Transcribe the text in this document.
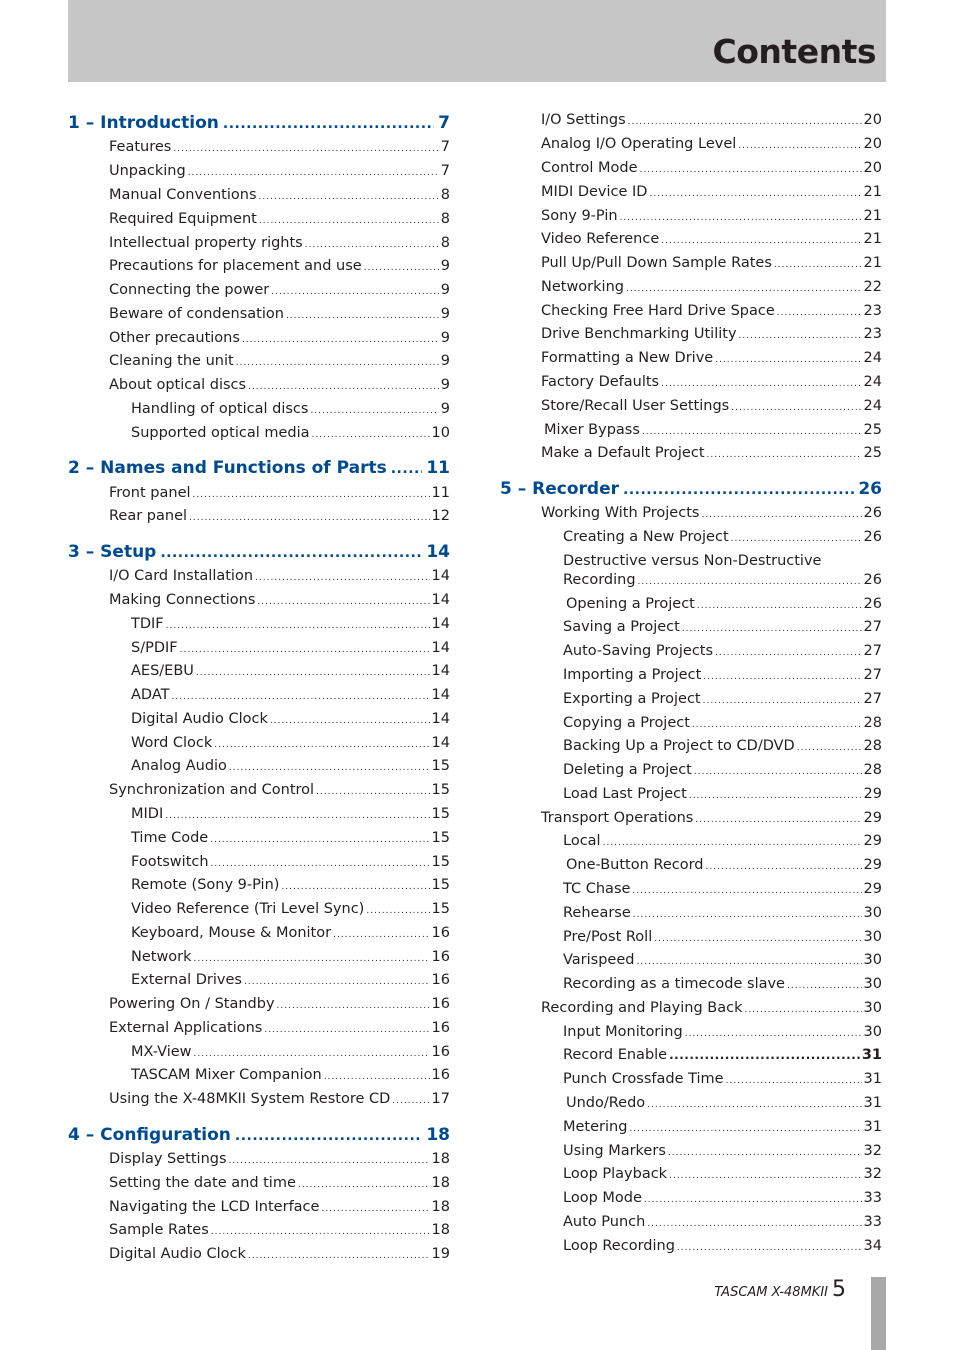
Contents
1 – Introduction .....	7
Features .....	7
Unpacking .....	7
Manual Conventions .....	8
Required Equipment .....	8
Intellectual property rights .....	8
Precautions for placement and use .....	9
Connecting the power .....	9
Beware of condensation .....	9
Other precautions .....	9
Cleaning the unit .....	9
About optical discs .....	9
Handling of optical discs .....	9
Supported optical media .....	10
2 – Names and Functions of Parts ..... 11
Front panel .....	11
Rear panel .....	12
3 – Setup .....	14
I/O Card Installation .....	14
Making Connections .....	14
TDIF .....	14
S/PDIF .....	14
AES/EBU .....	14
ADAT .....	14
Digital Audio Clock .....	14
Word Clock .....	14
Analog Audio .....	15
Synchronization and Control .....	15
MIDI .....	15
Time Code .....	15
Footswitch .....	15
Remote (Sony 9-Pin) .....	15
Video Reference (Tri Level Sync) .....	15
Keyboard, Mouse & Monitor .....	16
Network .....	16
External Drives .....	16
Powering On / Standby .....	16
External Applications .....	16
MX-View .....	16
TASCAM Mixer Companion .....	16
Using the X-48MKII System Restore CD .....	17
4 – Configuration .....	18
Display Settings .....	18
Setting the date and time .....	18
Navigating the LCD Interface .....	18
Sample Rates .....	18
Digital Audio Clock .....	19
I/O Settings .....	20
Analog I/O Operating Level .....	20
Control Mode .....	20
MIDI Device ID .....	21
Sony 9-Pin .....	21
Video Reference .....	21
Pull Up/Pull Down Sample Rates .....	21
Networking .....	22
Checking Free Hard Drive Space .....	23
Drive Benchmarking Utility .....	23
Formatting a New Drive .....	24
Factory Defaults .....	24
Store/Recall User Settings .....	24
Mixer Bypass .....	25
Make a Default Project .....	25
5 – Recorder .....	26
Working With Projects .....	26
Creating a New Project .....	26
Destructive versus Non-Destructive
Recording .....	26
Opening a Project .....	26
Saving a Project .....	27
Auto-Saving Projects .....	27
Importing a Project .....	27
Exporting a Project .....	27
Copying a Project .....	28
Backing Up a Project to CD/DVD .....	28
Deleting a Project .....	28
Load Last Project .....	29
Transport Operations .....	29
Local .....	29
One-Button Record .....	29
TC Chase .....	29
Rehearse .....	30
Pre/Post Roll .....	30
Varispeed .....	30
Recording as a timecode slave .....	30
Recording and Playing Back .....	30
Input Monitoring .....	30
Record Enable .....	31
Punch Crossfade Time .....	31
Undo/Redo .....	31
Metering .....	31
Using Markers .....	32
Loop Playback .....	32
Loop Mode .....	33
Auto Punch .....	33
Loop Recording .....	34
TASCAM X-48MKII 5
